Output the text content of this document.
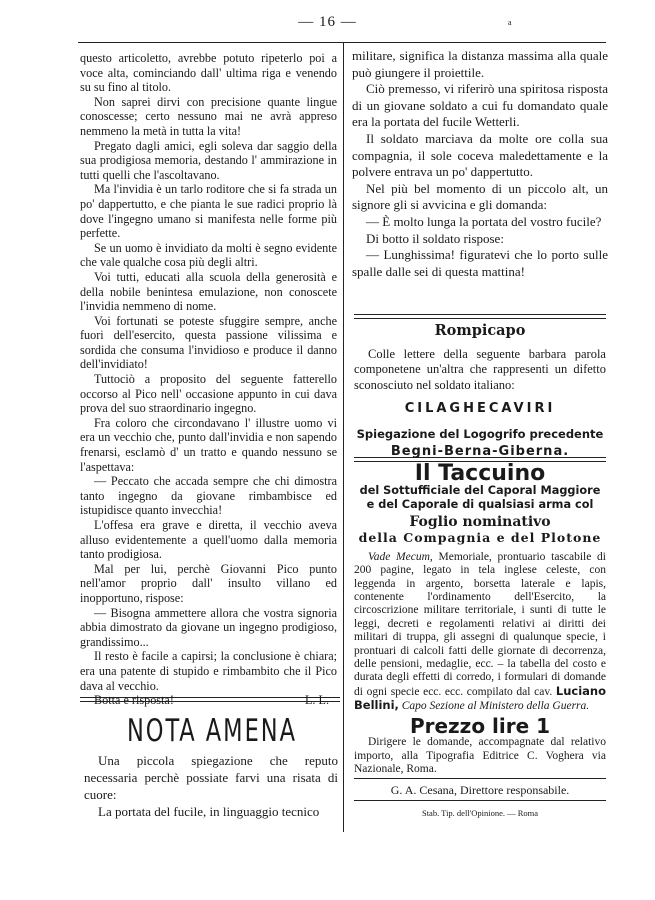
— 16 —	a

questo articoletto, avrebbe potuto ripeterlo poi a voce alta, cominciando dall' ultima riga e venendo su su fino al titolo.

Non saprei dirvi con precisione quante lingue conoscesse; certo nessuno mai ne avrà appreso nemmeno la metà in tutta la vita!

Pregato dagli amici, egli soleva dar saggio della sua prodigiosa memoria, destando l' ammirazione in tutti quelli che l'ascoltavano.

Ma l'invidia è un tarlo roditore che si fa strada un po' dappertutto, e che pianta le sue radici proprio là dove l'ingegno umano si manifesta nelle forme più perfette.

Se un uomo è invidiato da molti è segno evidente che vale qualche cosa più degli altri.

Voi tutti, educati alla scuola della generosità e della nobile benintesa emulazione, non conoscete l'invidia nemmeno di nome.

Voi fortunati se poteste sfuggire sempre, anche fuori dell'esercito, questa passione vilissima e sordida che consuma l'invidioso e produce il danno dell'invidiato!

Tuttociò a proposito del seguente fatterello occorso al Pico nell' occasione appunto in cui dava prova del suo straordinario ingegno.

Fra coloro che circondavano l' illustre uomo vi era un vecchio che, punto dall'invidia e non sapendo frenarsi, esclamò d' un tratto e quando nessuno se l'aspettava:

— Peccato che accada sempre che chi dimostra tanto ingegno da giovane rimbambisce ed istupidisce quanto invecchia!

L'offesa era grave e diretta, il vecchio aveva alluso evidentemente a quell'uomo dalla memoria tanto prodigiosa.

Mal per lui, perchè Giovanni Pico punto nell'amor proprio dall' insulto villano ed inopportuno, rispose:

— Bisogna ammettere allora che vostra signoria abbia dimostrato da giovane un ingegno prodigioso, grandissimo...

Il resto è facile a capirsi; la conclusione è chiara; era una patente di stupido e rimbambito che il Pico dava al vecchio.

Botta e risposta!	L. L.
NOTA AMENA

Una piccola spiegazione che reputo necessaria perchè possiate farvi una risata di cuore:

La portata del fucile, in linguaggio tecnico

militare, significa la distanza massima alla quale può giungere il proiettile.

Ciò premesso, vi riferirò una spiritosa risposta di un giovane soldato a cui fu domandato quale era la portata del fucile Wetterli.

Il soldato marciava da molte ore colla sua compagnia, il sole coceva maledettamente e la polvere entrava un po' dappertutto.

Nel più bel momento di un piccolo alt, un signore gli si avvicina e gli domanda:

— È molto lunga la portata del vostro fucile?

Di botto il soldato rispose:

— Lunghissima! figuratevi che lo porto sulle spalle dalle sei di questa mattina!

Rompicapo

Colle lettere della seguente barbara parola componetene un'altra che rappresenti un difetto sconosciuto nel soldato italiano:

CILAGHECAVIRI

Spiegazione del Logogrifo precedente

Begni-Berna-Giberna.

Il Taccuino

del Sottufficiale del Caporal Maggiore e del Caporale di qualsiasi arma col

Foglio nominativo

della Compagnia e del Plotone

Vade Mecum, Memoriale, prontuario tascabile di 200 pagine, legato in tela inglese celeste, con leggenda in argento, borsetta laterale e lapis, contenente l'ordinamento dell'Esercito, la circoscrizione militare territoriale, i sunti di tutte le leggi, decreti e regolamenti relativi ai diritti dei militari di truppa, gli assegni di qualunque specie, i prontuari di calcoli fatti delle giornate di decorrenza, delle pensioni, medaglie, ecc. – la tabella del costo e durata degli effetti di corredo, i formulari di domande di ogni specie ecc. ecc. compilato dal cav. Luciano Bellini, Capo Sezione al Ministero della Guerra.

Prezzo lire 1

Dirigere le domande, accompagnate dal relativo importo, alla Tipografia Editrice C. Voghera via Nazionale, Roma.

G. A. Cesana, Direttore responsabile.

Stab. Tip. dell'Opinione. — Roma
